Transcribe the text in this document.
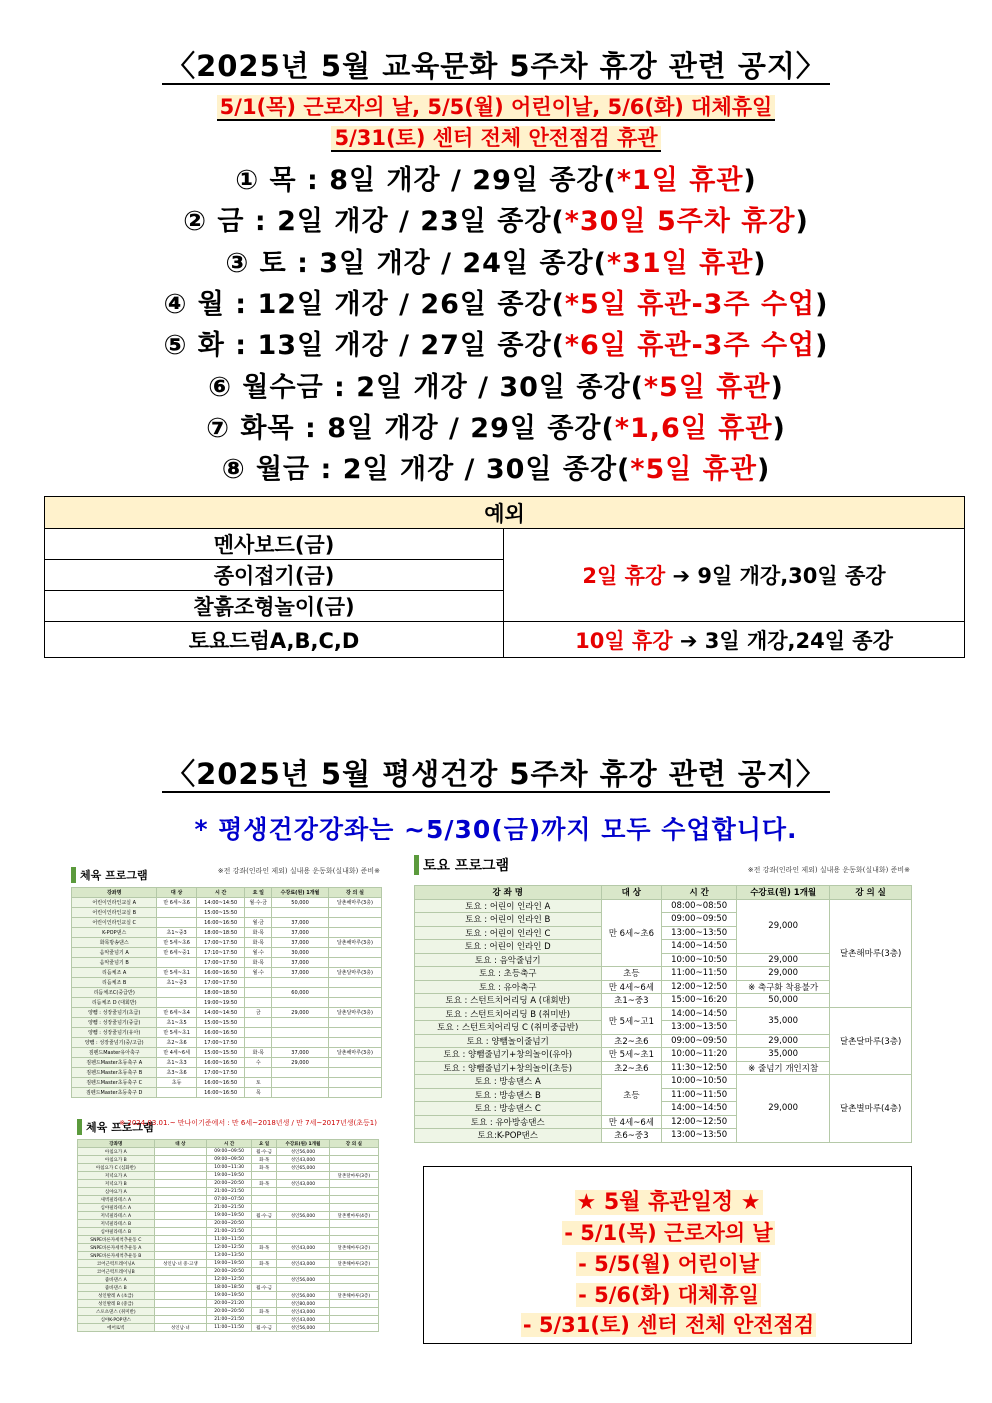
〈2025년 5월 교육문화 5주차 휴강 관련 공지〉
5/1(목) 근로자의 날, 5/5(월) 어린이날, 5/6(화) 대체휴일
5/31(토) 센터 전체 안전점검 휴관
① 목 : 8일 개강 / 29일 종강(*1일 휴관)
② 금 : 2일 개강 / 23일 종강(*30일 5주차 휴강)
③ 토 : 3일 개강 / 24일 종강(*31일 휴관)
④ 월 : 12일 개강 / 26일 종강(*5일 휴관-3주 수업)
⑤ 화 : 13일 개강 / 27일 종강(*6일 휴관-3주 수업)
⑥ 월수금 : 2일 개강 / 30일 종강(*5일 휴관)
⑦ 화목 : 8일 개강 / 29일 종강(*1,6일 휴관)
⑧ 월금 : 2일 개강 / 30일 종강(*5일 휴관)
예외	
멘사보드(금)	2일 휴강 ➔ 9일 개강,30일 종강
종이접기(금)	
찰흙조형놀이(금)	
토요드럼A,B,C,D	10일 휴강 ➔ 3일 개강,24일 종강
〈2025년 5월 평생건강 5주차 휴강 관련 공지〉
* 평생건강강좌는 ~5/30(금)까지 모두 수업합니다.
체육 프로그램	※전 강좌(인라인 제외) 실내용 운동화(실내화) 준비※
강좌명	대 상	시 간	요 일	수강료(원) 1개월	강 의 실
어린이인라인교실 A	만 6세~초6	14:00~14:50	월·수·금	50,000	달촌해마루(3층)
어린이인라인교실 B		15:00~15:50			
어린이인라인교실 C		16:00~16:50	월·금	37,000	
K-POP댄스	초1~중3	18:00~18:50	화·목	37,000	
화목방송댄스	만 5세~초6	17:00~17:50	화·목	37,000	달촌해마루(3층)
음악줄넘기 A	만 6세~중1	17:10~17:50	월·수	30,000	
음악줄넘기 B		17:00~17:50	화·목	37,000	
리듬체조 A	만 5세~초1	16:00~16:50	월·수	37,000	달촌달마루(3층)
리듬체조 B	초1~중3	17:00~17:50			
리듬체조C(중급반)		18:00~18:50		60,000	
리듬체조 D (대회반)		19:00~19:50			
양뺌 : 성장줄넘기(초급)	만 6세~초4	14:00~14:50	금	29,000	달촌달마루(3층)
양뺌 : 성장줄넘기(중급)	초1~초5	15:00~15:50			
양뺌 : 성장줄넘기(유아)	만 5세~초1	16:00~16:50			
양뺌 : 성장줄넘기(중/고급)	초2~초6	17:00~17:50			
짐펜드Master유아축구	만 4세~6세	15:00~15:50	화·목	37,000	달촌해마루(3층)
짐펜드Master초등축구 A	초1~초3	16:00~16:50	수	29,000	
짐펜드Master초등축구 B	초3~초6	17:00~17:50			
짐펜드Master초등축구 C	초등	16:00~16:50	토		
짐펜드Master초등축구 D		16:00~16:50	목		
체육 프로그램
※ 2024.03.01.~ 만나이기준에서 : 만 6세~2018년생 / 만 7세~2017년생(초등1)
강좌명	대 상	시 간	요 일	수강료(원) 1개월	강 의 실
아침요가 A		09:00~09:50	월·수·금	성인56,000	
아침요가 B		09:00~09:50	화·목	성인43,000	
아침요가 C (심화반)		10:00~11:30	화·목	성인65,000	
저녁요가 A		19:00~19:50			달촌달마루(3층)
저녁요가 B		20:00~20:50	화·목	성인43,000	
심야요가 A		21:00~21:50			
새벽필라테스 A		07:00~07:50			
심야필라테스 A		21:00~21:50			
저녁필라테스 A		19:00~19:50	월·수·금	성인56,000	달촌별마루(4층)
저녁필라테스 B		20:00~20:50			
심야필라테스 B		21:00~21:50			
SNPE바른자세척추운동 C		11:00~11:50			
SNPE바른자세척추운동 A		12:00~12:50	화·목	성인43,000	달촌해마루(3층)
SNPE바른자세척추운동 B		13:00~13:50			
코어근력트레이닝A	성인남·녀 중·고생	19:00~19:50	화·목	성인43,000	달촌해마루(3층)
코어근력트레이닝B		20:00~20:50			
줌바댄스 A		12:00~12:50		성인56,000	
줌바댄스 B		18:00~18:50	월·수·금		
성인발레 A (초급)		19:00~19:50		성인56,000	달촌해마루(3층)
성인발레 B (중급)		20:00~21:20		성인80,000	
스포츠댄스 (취미반)		20:00~20:50	화·목	성인43,000	
심야K-POP댄스		21:00~21:50		성인43,000	
에어로빅	성인남·녀	11:00~11:50	월·수·금	성인56,000	
토요 프로그램	※전 강좌(인라인 제외) 실내용 운동화(실내화) 준비※
강 좌 명	대 상	시 간	수강료(원) 1개월	강 의 실
토요 : 어린이 인라인 A	만 6세~초6	08:00~08:50	29,000	달촌해마루(3층)
토요 : 어린이 인라인 B		09:00~09:50		
토요 : 어린이 인라인 C		13:00~13:50		
토요 : 어린이 인라인 D		14:00~14:50		
토요 : 음악줄넘기		10:00~10:50	29,000	
토요 : 초등축구	초등	11:00~11:50	29,000	
토요 : 유아축구	만 4세~6세	12:00~12:50	※ 축구화 착용불가	
토요 : 스턴트치어리딩 A (대회반)	초1~중3	15:00~16:20	50,000	
토요 : 스턴트치어리딩 B (취미반)	만 5세~고1	14:00~14:50	35,000	달촌달마루(3층)
토요 : 스턴트치어리딩 C (취미중급반)		13:00~13:50		
토요 : 양뺌놀이줄넘기	초2~초6	09:00~09:50	29,000	
토요 : 양뺌줄넘기+창의놀이(유아)	만 5세~초1	10:00~11:20	35,000	
토요 : 양뺌줄넘기+창의놀이(초등)	초2~초6	11:30~12:50	※ 줄넘기 개인지참	
토요 : 방송댄스 A	초등	10:00~10:50	29,000	달촌별마루(4층)
토요 : 방송댄스 B		11:00~11:50		
토요 : 방송댄스 C		14:00~14:50		
토요 : 유아방송댄스	만 4세~6세	12:00~12:50		
토요:K-POP댄스	초6~중3	13:00~13:50		
★ 5월 휴관일정 ★
- 5/1(목) 근로자의 날
- 5/5(월) 어린이날
- 5/6(화) 대체휴일
- 5/31(토) 센터 전체 안전점검
